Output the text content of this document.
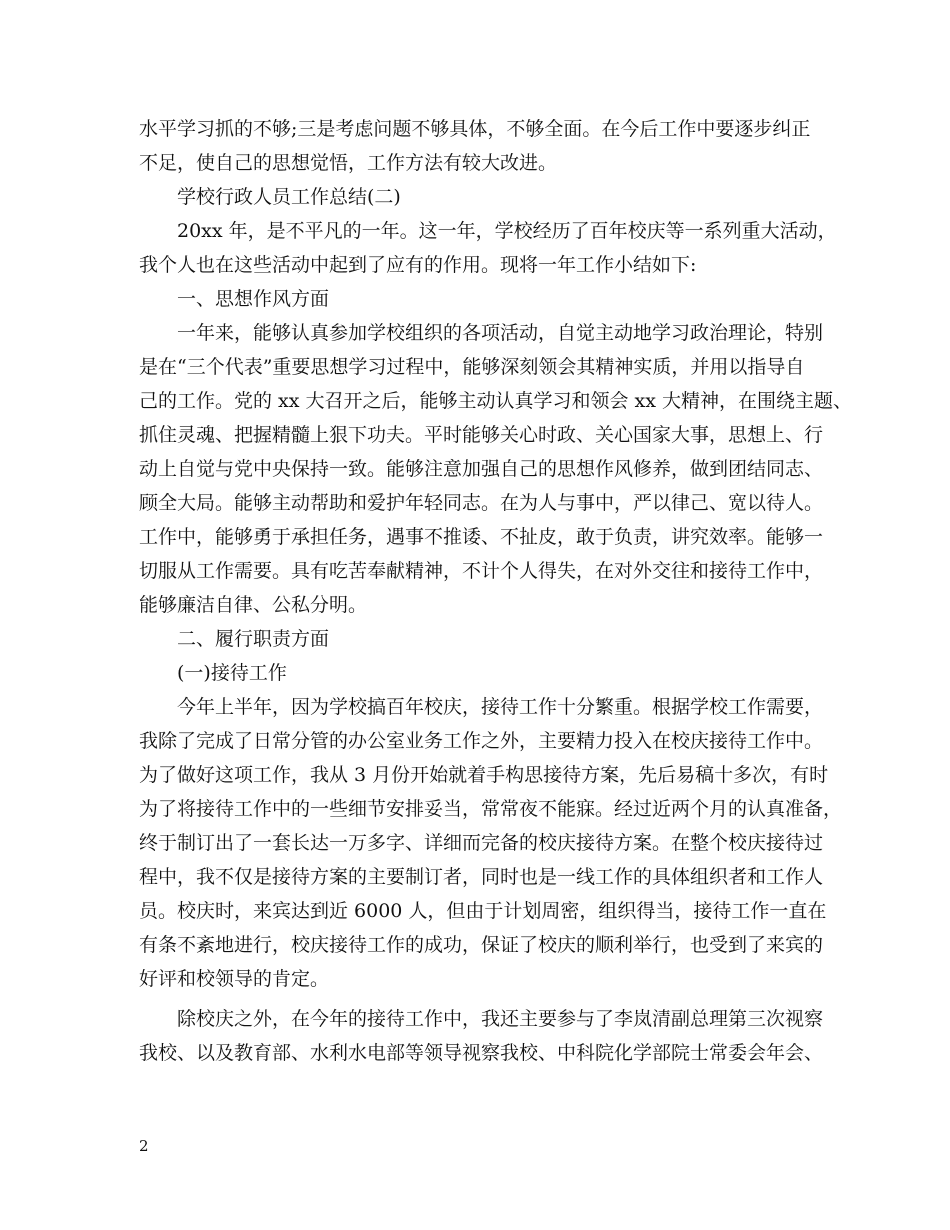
水平学习抓的不够;三是考虑问题不够具体，不够全面。在今后工作中要逐步纠正
不足，使自己的思想觉悟，工作方法有较大改进。
学校行政人员工作总结(二)
20xx 年，是不平凡的一年。这一年，学校经历了百年校庆等一系列重大活动，
我个人也在这些活动中起到了应有的作用。现将一年工作小结如下:
一、思想作风方面
一年来，能够认真参加学校组织的各项活动，自觉主动地学习政治理论，特别
是在“三个代表”重要思想学习过程中，能够深刻领会其精神实质，并用以指导自
己的工作。党的 xx 大召开之后，能够主动认真学习和领会 xx 大精神，在围绕主题、
抓住灵魂、把握精髓上狠下功夫。平时能够关心时政、关心国家大事，思想上、行
动上自觉与党中央保持一致。能够注意加强自己的思想作风修养，做到团结同志、
顾全大局。能够主动帮助和爱护年轻同志。在为人与事中，严以律己、宽以待人。
工作中，能够勇于承担任务，遇事不推诿、不扯皮，敢于负责，讲究效率。能够一
切服从工作需要。具有吃苦奉献精神，不计个人得失，在对外交往和接待工作中，
能够廉洁自律、公私分明。
二、履行职责方面
(一)接待工作
今年上半年，因为学校搞百年校庆，接待工作十分繁重。根据学校工作需要，
我除了完成了日常分管的办公室业务工作之外，主要精力投入在校庆接待工作中。
为了做好这项工作，我从 3 月份开始就着手构思接待方案，先后易稿十多次，有时
为了将接待工作中的一些细节安排妥当，常常夜不能寐。经过近两个月的认真准备，
终于制订出了一套长达一万多字、详细而完备的校庆接待方案。在整个校庆接待过
程中，我不仅是接待方案的主要制订者，同时也是一线工作的具体组织者和工作人
员。校庆时，来宾达到近 6000 人，但由于计划周密，组织得当，接待工作一直在
有条不紊地进行，校庆接待工作的成功，保证了校庆的顺利举行，也受到了来宾的
好评和校领导的肯定。
除校庆之外，在今年的接待工作中，我还主要参与了李岚清副总理第三次视察
我校、以及教育部、水利水电部等领导视察我校、中科院化学部院士常委会年会、
2
